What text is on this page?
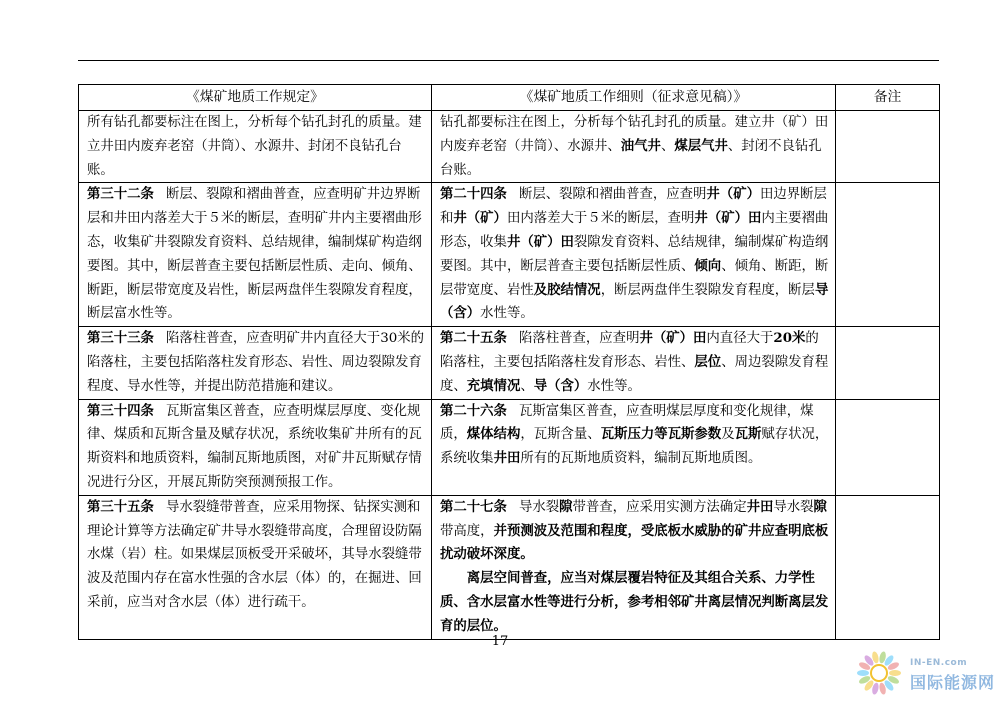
《煤矿地质工作规定》	《煤矿地质工作细则（征求意见稿）》	备注
所有钻孔都要标注在图上，分析每个钻孔封孔的质量。建立井田内废弃老窑（井筒）、水源井、封闭不良钻孔台账。	钻孔都要标注在图上，分析每个钻孔封孔的质量。建立井（矿）田内废弃老窑（井筒）、水源井、油气井、煤层气井、封闭不良钻孔台账。	
第三十二条 断层、裂隙和褶曲普查，应查明矿井边界断层和井田内落差大于５米的断层，查明矿井内主要褶曲形态，收集矿井裂隙发育资料、总结规律，编制煤矿构造纲要图。其中，断层普查主要包括断层性质、走向、倾角、断距，断层带宽度及岩性，断层两盘伴生裂隙发育程度，断层富水性等。	第二十四条 断层、裂隙和褶曲普查，应查明井（矿）田边界断层和井（矿）田内落差大于５米的断层，查明井（矿）田内主要褶曲形态，收集井（矿）田裂隙发育资料、总结规律，编制煤矿构造纲要图。其中，断层普查主要包括断层性质、倾向、倾角、断距，断层带宽度、岩性及胶结情况，断层两盘伴生裂隙发育程度，断层导（含）水性等。	
第三十三条 陷落柱普查，应查明矿井内直径大于30米的陷落柱，主要包括陷落柱发育形态、岩性、周边裂隙发育程度、导水性等，并提出防范措施和建议。	第二十五条 陷落柱普查，应查明井（矿）田内直径大于20米的陷落柱，主要包括陷落柱发育形态、岩性、层位、周边裂隙发育程度、充填情况、导（含）水性等。	
第三十四条 瓦斯富集区普查，应查明煤层厚度、变化规律、煤质和瓦斯含量及赋存状况，系统收集矿井所有的瓦斯资料和地质资料，编制瓦斯地质图，对矿井瓦斯赋存情况进行分区，开展瓦斯防突预测预报工作。	第二十六条 瓦斯富集区普查，应查明煤层厚度和变化规律，煤质，煤体结构，瓦斯含量、瓦斯压力等瓦斯参数及瓦斯赋存状况，系统收集井田所有的瓦斯地质资料，编制瓦斯地质图。	
第三十五条 导水裂缝带普查，应采用物探、钻探实测和理论计算等方法确定矿井导水裂缝带高度，合理留设防隔水煤（岩）柱。如果煤层顶板受开采破坏，其导水裂缝带波及范围内存在富水性强的含水层（体）的，在掘进、回采前，应当对含水层（体）进行疏干。	第二十七条 导水裂隙带普查，应采用实测方法确定井田导水裂隙带高度，并预测波及范围和程度，受底板水威胁的矿井应查明底板扰动破坏深度。
离层空间普查，应当对煤层覆岩特征及其组合关系、力学性质、含水层富水性等进行分析，参考相邻矿井离层情况判断离层发育的层位。	

17
IN-EN.com
国际能源网
